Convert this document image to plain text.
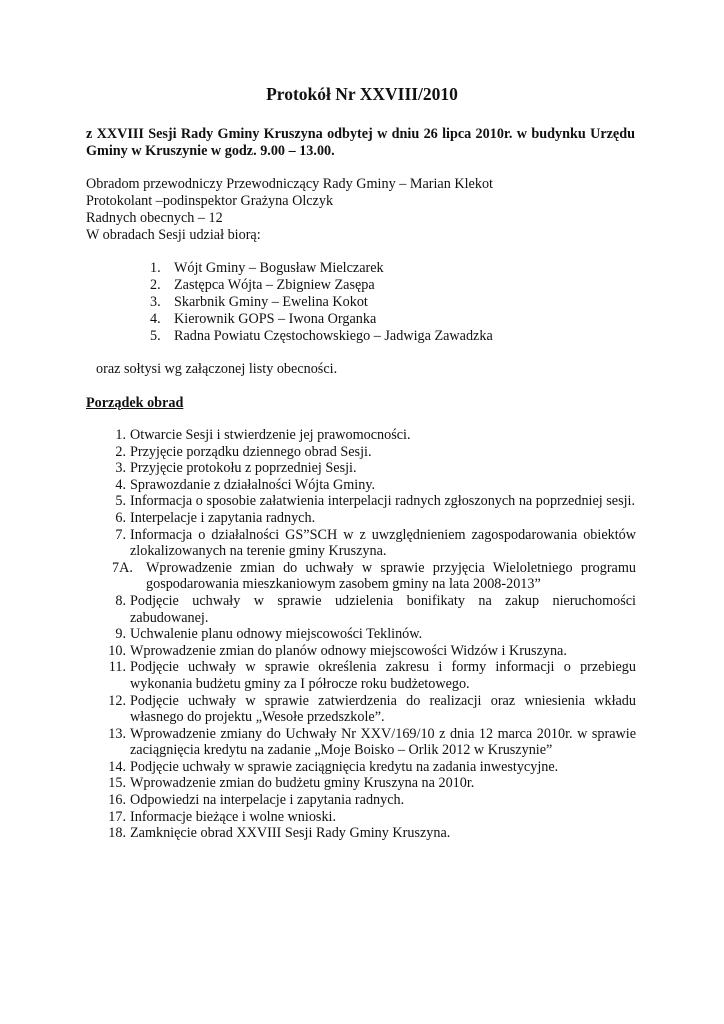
Protokół Nr XXVIII/2010
z XXVIII Sesji Rady Gminy Kruszyna odbytej w dniu 26 lipca 2010r. w budynku Urzędu Gminy w Kruszynie w godz. 9.00 – 13.00.
Obradom przewodniczy Przewodniczący Rady Gminy – Marian Klekot
Protokolant –podinspektor Grażyna Olczyk
Radnych obecnych – 12
W obradach Sesji udział biorą:
1. Wójt Gminy – Bogusław Mielczarek
2. Zastępca Wójta – Zbigniew Zasępa
3. Skarbnik Gminy – Ewelina Kokot
4. Kierownik GOPS – Iwona Organka
5. Radna Powiatu Częstochowskiego – Jadwiga Zawadzka
oraz sołtysi wg załączonej listy obecności.
Porządek obrad
1. Otwarcie Sesji i stwierdzenie jej prawomocności.
2. Przyjęcie porządku dziennego obrad Sesji.
3. Przyjęcie protokołu z poprzedniej Sesji.
4. Sprawozdanie z działalności Wójta Gminy.
5. Informacja o sposobie załatwienia interpelacji radnych zgłoszonych na poprzedniej sesji.
6. Interpelacje i zapytania radnych.
7. Informacja o działalności GS”SCH w z uwzględnieniem zagospodarowania obiektów zlokalizowanych na terenie gminy Kruszyna.
7A. Wprowadzenie zmian do uchwały w sprawie przyjęcia Wieloletniego programu gospodarowania mieszkaniowym zasobem gminy na lata 2008-2013”
8. Podjęcie uchwały w sprawie udzielenia bonifikaty na zakup nieruchomości zabudowanej.
9. Uchwalenie planu odnowy miejscowości Teklinów.
10. Wprowadzenie zmian do planów odnowy miejscowości Widzów i Kruszyna.
11. Podjęcie uchwały w sprawie określenia zakresu i formy informacji o przebiegu wykonania budżetu gminy za I półrocze roku budżetowego.
12. Podjęcie uchwały w sprawie zatwierdzenia do realizacji oraz wniesienia wkładu własnego do projektu „Wesołe przedszkole”.
13. Wprowadzenie zmiany do Uchwały Nr XXV/169/10 z dnia 12 marca 2010r. w sprawie zaciągnięcia kredytu na zadanie „Moje Boisko – Orlik 2012 w Kruszynie”
14. Podjęcie uchwały w sprawie zaciągnięcia kredytu na zadania inwestycyjne.
15. Wprowadzenie zmian do budżetu gminy Kruszyna na 2010r.
16. Odpowiedzi na interpelacje i zapytania radnych.
17. Informacje bieżące i wolne wnioski.
18. Zamknięcie obrad XXVIII Sesji Rady Gminy Kruszyna.
